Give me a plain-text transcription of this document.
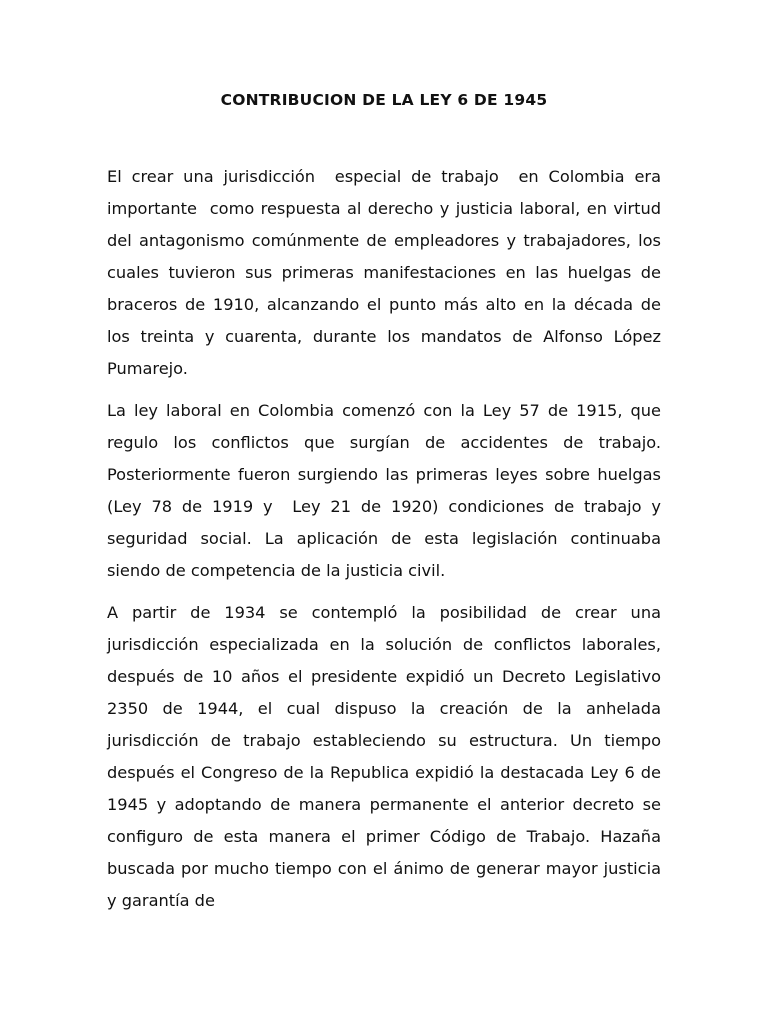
CONTRIBUCION DE LA LEY 6 DE 1945

El crear una jurisdicción  especial de trabajo  en Colombia era importante  como respuesta al derecho y justicia laboral, en virtud del antagonismo comúnmente de empleadores y trabajadores, los cuales tuvieron sus primeras manifestaciones en las huelgas de braceros de 1910, alcanzando el punto más alto en la década de los treinta y cuarenta, durante los mandatos de Alfonso López Pumarejo.

La ley laboral en Colombia comenzó con la Ley 57 de 1915, que regulo los conflictos que surgían de accidentes de trabajo. Posteriormente fueron surgiendo las primeras leyes sobre huelgas (Ley 78 de 1919 y  Ley 21 de 1920) condiciones de trabajo y seguridad social. La aplicación de esta legislación continuaba siendo de competencia de la justicia civil.

A partir de 1934 se contempló la posibilidad de crear una jurisdicción especializada en la solución de conflictos laborales, después de 10 años el presidente expidió un Decreto Legislativo 2350 de 1944, el cual dispuso la creación de la anhelada jurisdicción de trabajo estableciendo su estructura. Un tiempo después el Congreso de la Republica expidió la destacada Ley 6 de 1945 y adoptando de manera permanente el anterior decreto se configuro de esta manera el primer Código de Trabajo. Hazaña buscada por mucho tiempo con el ánimo de generar mayor justicia y garantía de
